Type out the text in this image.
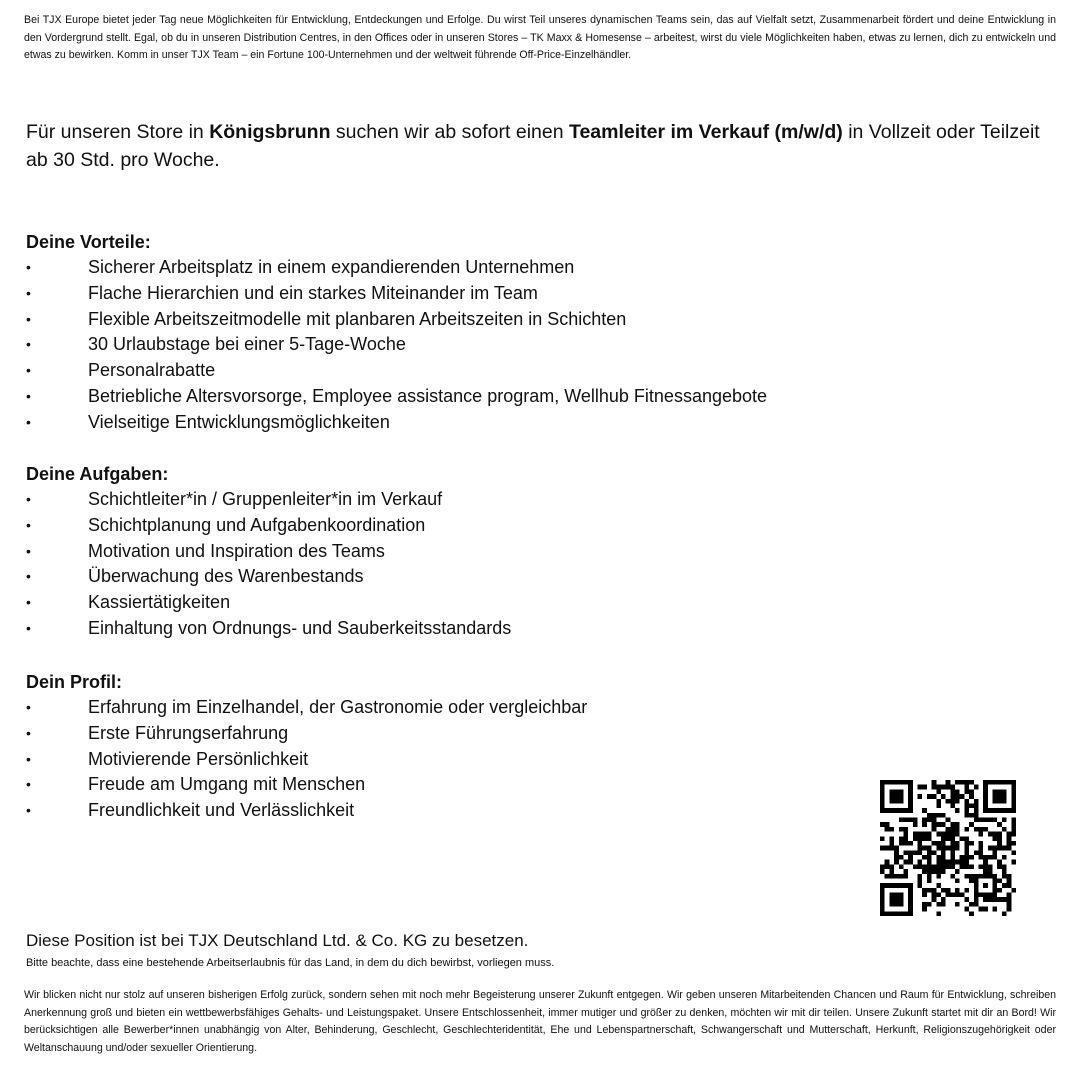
Bei TJX Europe bietet jeder Tag neue Möglichkeiten für Entwicklung, Entdeckungen und Erfolge. Du wirst Teil unseres dynamischen Teams sein, das auf Vielfalt setzt, Zusammenarbeit fördert und deine Entwicklung in den Vordergrund stellt. Egal, ob du in unseren Distribution Centres, in den Offices oder in unseren Stores – TK Maxx & Homesense – arbeitest, wirst du viele Möglichkeiten haben, etwas zu lernen, dich zu entwickeln und etwas zu bewirken. Komm in unser TJX Team – ein Fortune 100-Unternehmen und der weltweit führende Off-Price-Einzelhändler.

Für unseren Store in Königsbrunn suchen wir ab sofort einen Teamleiter im Verkauf (m/w/d) in Vollzeit oder Teilzeit ab 30 Std. pro Woche.

Deine Vorteile:
•	Sicherer Arbeitsplatz in einem expandierenden Unternehmen
•	Flache Hierarchien und ein starkes Miteinander im Team
•	Flexible Arbeitszeitmodelle mit planbaren Arbeitszeiten in Schichten
•	30 Urlaubstage bei einer 5-Tage-Woche
•	Personalrabatte
•	Betriebliche Altersvorsorge, Employee assistance program, Wellhub Fitnessangebote
•	Vielseitige Entwicklungsmöglichkeiten
Deine Aufgaben:
•	Schichtleiter*in / Gruppenleiter*in im Verkauf
•	Schichtplanung und Aufgabenkoordination
•	Motivation und Inspiration des Teams
•	Überwachung des Warenbestands
•	Kassiertätigkeiten
•	Einhaltung von Ordnungs- und Sauberkeitsstandards
Dein Profil:
•	Erfahrung im Einzelhandel, der Gastronomie oder vergleichbar
•	Erste Führungserfahrung
•	Motivierende Persönlichkeit
•	Freude am Umgang mit Menschen
•	Freundlichkeit und Verlässlichkeit

Diese Position ist bei TJX Deutschland Ltd. & Co. KG zu besetzen.

Bitte beachte, dass eine bestehende Arbeitserlaubnis für das Land, in dem du dich bewirbst, vorliegen muss.

Wir blicken nicht nur stolz auf unseren bisherigen Erfolg zurück, sondern sehen mit noch mehr Begeisterung unserer Zukunft entgegen. Wir geben unseren Mitarbeitenden Chancen und Raum für Entwicklung, schreiben Anerkennung groß und bieten ein wettbewerbsfähiges Gehalts- und Leistungspaket. Unsere Entschlossenheit, immer mutiger und größer zu denken, möchten wir mit dir teilen. Unsere Zukunft startet mit dir an Bord! Wir berücksichtigen alle Bewerber*innen unabhängig von Alter, Behinderung, Geschlecht, Geschlechteridentität, Ehe und Lebenspartnerschaft, Schwangerschaft und Mutterschaft, Herkunft, Religionszugehörigkeit oder Weltanschauung und/oder sexueller Orientierung.
